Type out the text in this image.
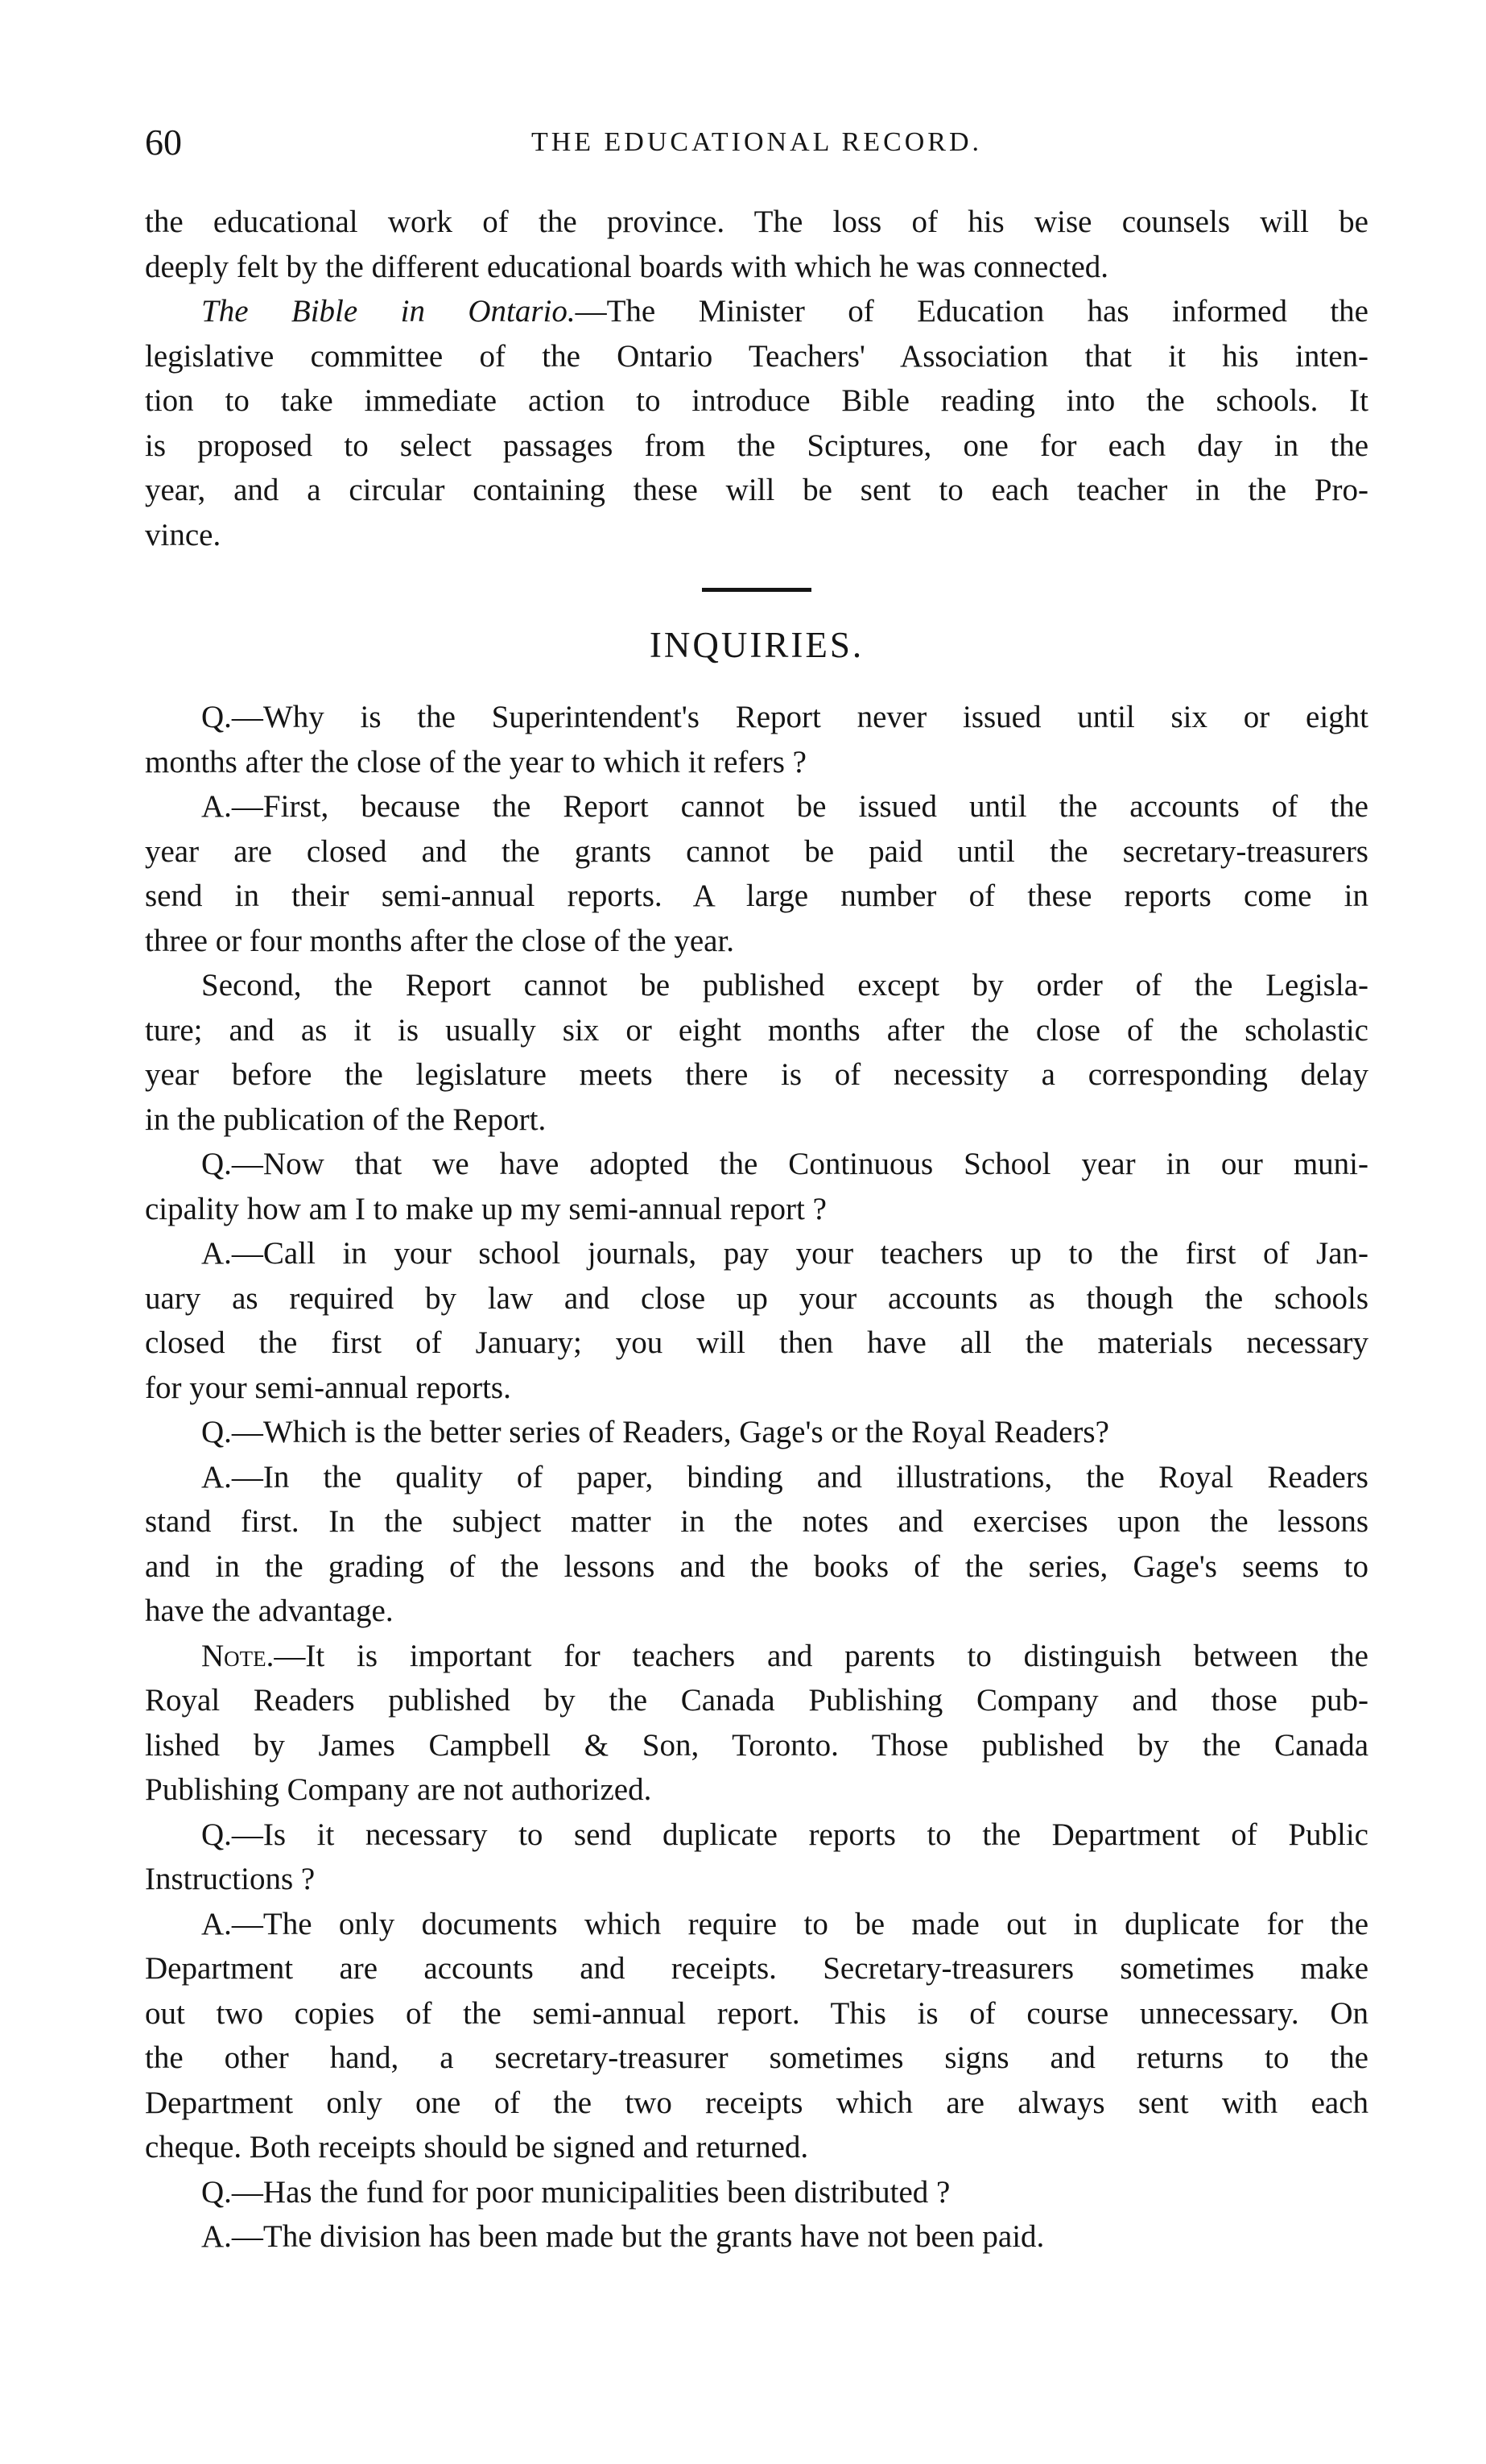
60	THE EDUCATIONAL RECORD.
the educational work of the province. The loss of his wise counsels will be
deeply felt by the different educational boards with which he was connected.
The Bible in Ontario.—The Minister of Education has informed the
legislative committee of the Ontario Teachers' Association that it his inten-
tion to take immediate action to introduce Bible reading into the schools. It
is proposed to select passages from the Sciptures, one for each day in the
year, and a circular containing these will be sent to each teacher in the Pro-
vince.
INQUIRIES.
Q.—Why is the Superintendent's Report never issued until six or eight
months after the close of the year to which it refers ?
A.—First, because the Report cannot be issued until the accounts of the
year are closed and the grants cannot be paid until the secretary-treasurers
send in their semi-annual reports. A large number of these reports come in
three or four months after the close of the year.
Second, the Report cannot be published except by order of the Legisla-
ture; and as it is usually six or eight months after the close of the scholastic
year before the legislature meets there is of necessity a corresponding delay
in the publication of the Report.
Q.—Now that we have adopted the Continuous School year in our muni-
cipality how am I to make up my semi-annual report ?
A.—Call in your school journals, pay your teachers up to the first of Jan-
uary as required by law and close up your accounts as though the schools
closed the first of January; you will then have all the materials necessary
for your semi-annual reports.
Q.—Which is the better series of Readers, Gage's or the Royal Readers?
A.—In the quality of paper, binding and illustrations, the Royal Readers
stand first. In the subject matter in the notes and exercises upon the lessons
and in the grading of the lessons and the books of the series, Gage's seems to
have the advantage.
Note.—It is important for teachers and parents to distinguish between the
Royal Readers published by the Canada Publishing Company and those pub-
lished by James Campbell & Son, Toronto. Those published by the Canada
Publishing Company are not authorized.
Q.—Is it necessary to send duplicate reports to the Department of Public
Instructions ?
A.—The only documents which require to be made out in duplicate for the
Department are accounts and receipts. Secretary-treasurers sometimes make
out two copies of the semi-annual report. This is of course unnecessary. On
the other hand, a secretary-treasurer sometimes signs and returns to the
Department only one of the two receipts which are always sent with each
cheque. Both receipts should be signed and returned.
Q.—Has the fund for poor municipalities been distributed ?
A.—The division has been made but the grants have not been paid.
